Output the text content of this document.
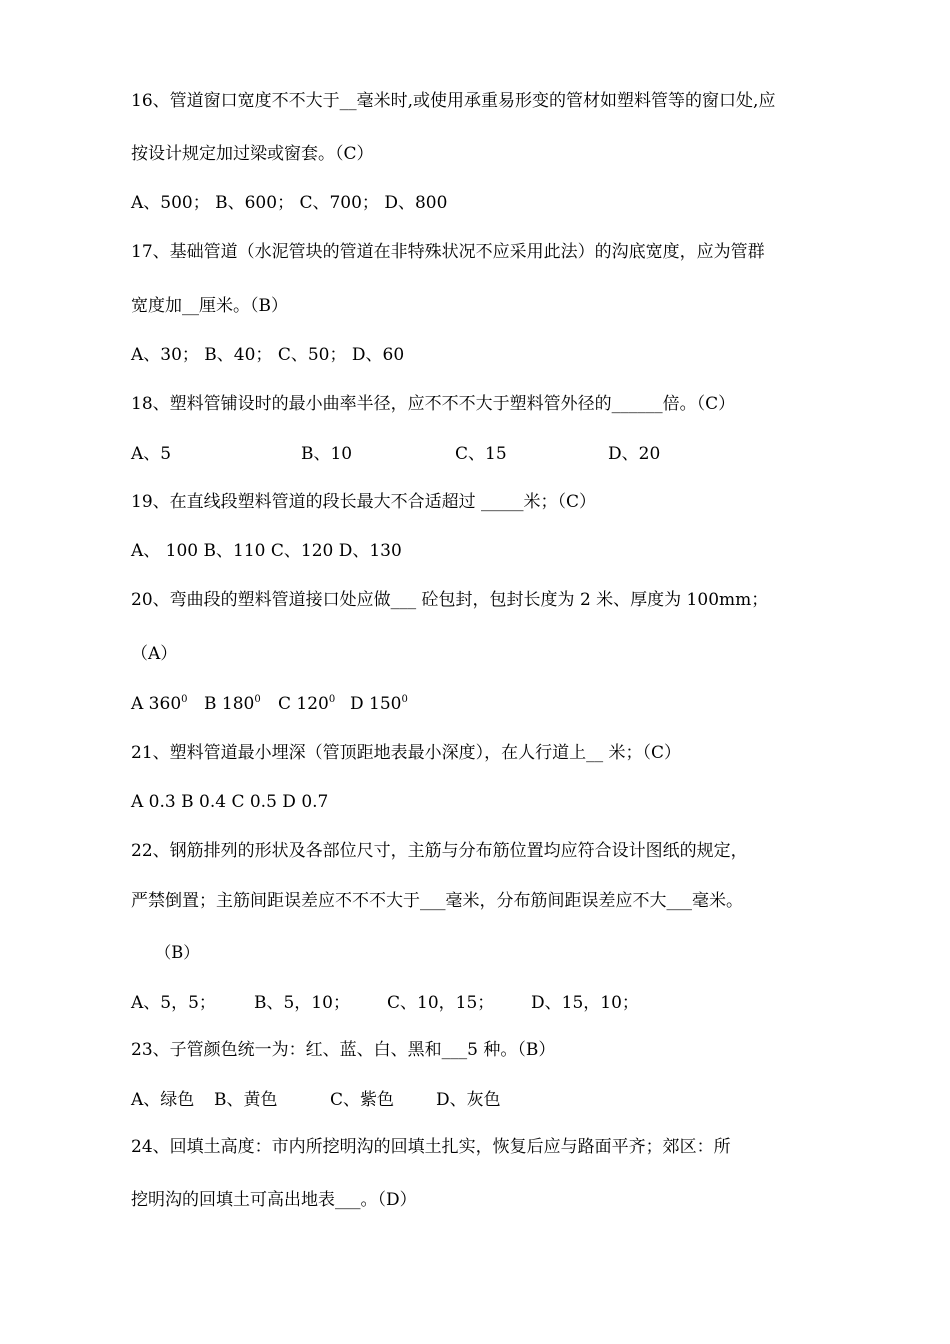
16、管道窗口宽度不不大于__毫米时,或使用承重易形变的管材如塑料管等的窗口处,应
按设计规定加过梁或窗套。（C）
A、500； B、600； C、700； D、800
17、基础管道（水泥管块的管道在非特殊状况不应采用此法）的沟底宽度，应为管群
宽度加__厘米。（B）
A、30； B、40； C、50； D、60
18、塑料管铺设时的最小曲率半径，应不不不大于塑料管外径的______倍。（C）
A、5	B、10	C、15	D、20
19、在直线段塑料管道的段长最大不合适超过 _____米；（C）
A、 100 B、110 C、120 D、130
20、弯曲段的塑料管道接口处应做___ 砼包封，包封长度为 2 米、厚度为 100mm；
（A）
A $360^0$ B $180^0$ C $120^0$ D $150^0$
21、塑料管道最小埋深（管顶距地表最小深度），在人行道上__ 米；（C）
A 0.3 B 0.4 C 0.5 D 0.7
22、钢筋排列的形状及各部位尺寸，主筋与分布筋位置均应符合设计图纸的规定，
严禁倒置；主筋间距误差应不不不大于___毫米，分布筋间距误差应不大___毫米。
（B）
A、5，5； B、5，10； C、10，15； D、15，10；
23、子管颜色统一为：红、蓝、白、黑和___5 种。（B）
A、绿色 B、黄色	C、紫色 D、灰色
24、回填土高度：市内所挖明沟的回填土扎实，恢复后应与路面平齐；郊区：所
挖明沟的回填土可高出地表___。（D）
